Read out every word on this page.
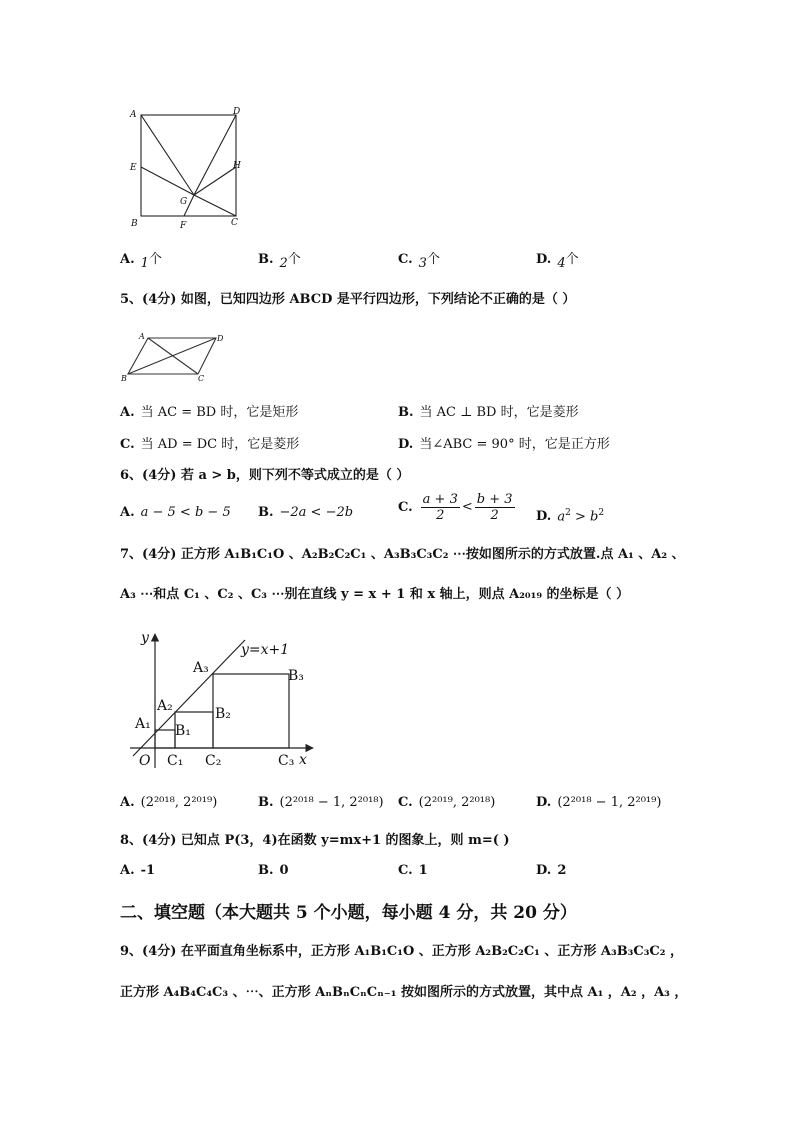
A	D
E	H
G
B	F	C
A. 1个	B. 2个	C. 3个	D. 4个
5、(4分) 如图，已知四边形 ABCD 是平行四边形，下列结论不正确的是（ ）
A	D
B	C
A. 当 AC = BD 时，它是矩形	B. 当 AC ⊥ BD 时，它是菱形
C. 当 AD = DC 时，它是菱形	D. 当∠ABC = 90° 时，它是正方形
6、(4分) 若 a > b，则下列不等式成立的是（ ）
A. a − 5 < b − 5 B. −2a < −2b	C. $\frac{a + 3}{2} < \frac{b + 3}{2} D$. $a^2 > b^2$
7、(4分) 正方形 A₁B₁C₁O 、A₂B₂C₂C₁ 、A₃B₃C₃C₂ ⋯按如图所示的方式放置.点 A₁ 、A₂ 、
A₃ ⋯和点 C₁ 、C₂ 、C₃ ⋯别在直线 y = x + 1 和 x 轴上，则点 A₂₀₁₉ 的坐标是（ ）
y
x
y=x+1
O
A₁
A₂
A₃
B₁
B₂
B₃
C₁ C₂	C₃
A. (2²⁰¹⁸, 2²⁰¹⁹)	B. (2²⁰¹⁸ − 1, 2²⁰¹⁸) C. (2²⁰¹⁹, 2²⁰¹⁸)	D. (2²⁰¹⁸ − 1, 2²⁰¹⁹)
8、(4分) 已知点 P(3，4)在函数 y=mx+1 的图象上，则 m=( )
A. -1	B. 0	C. 1	D. 2
二、填空题（本大题共 5 个小题，每小题 4 分，共 20 分）
9、(4分) 在平面直角坐标系中，正方形 A₁B₁C₁O 、正方形 A₂B₂C₂C₁ 、正方形 A₃B₃C₃C₂ ，
正方形 A₄B₄C₄C₃ 、⋯、正方形 AₙBₙCₙCₙ₋₁ 按如图所示的方式放置，其中点 A₁ ，A₂ ，A₃ ，
